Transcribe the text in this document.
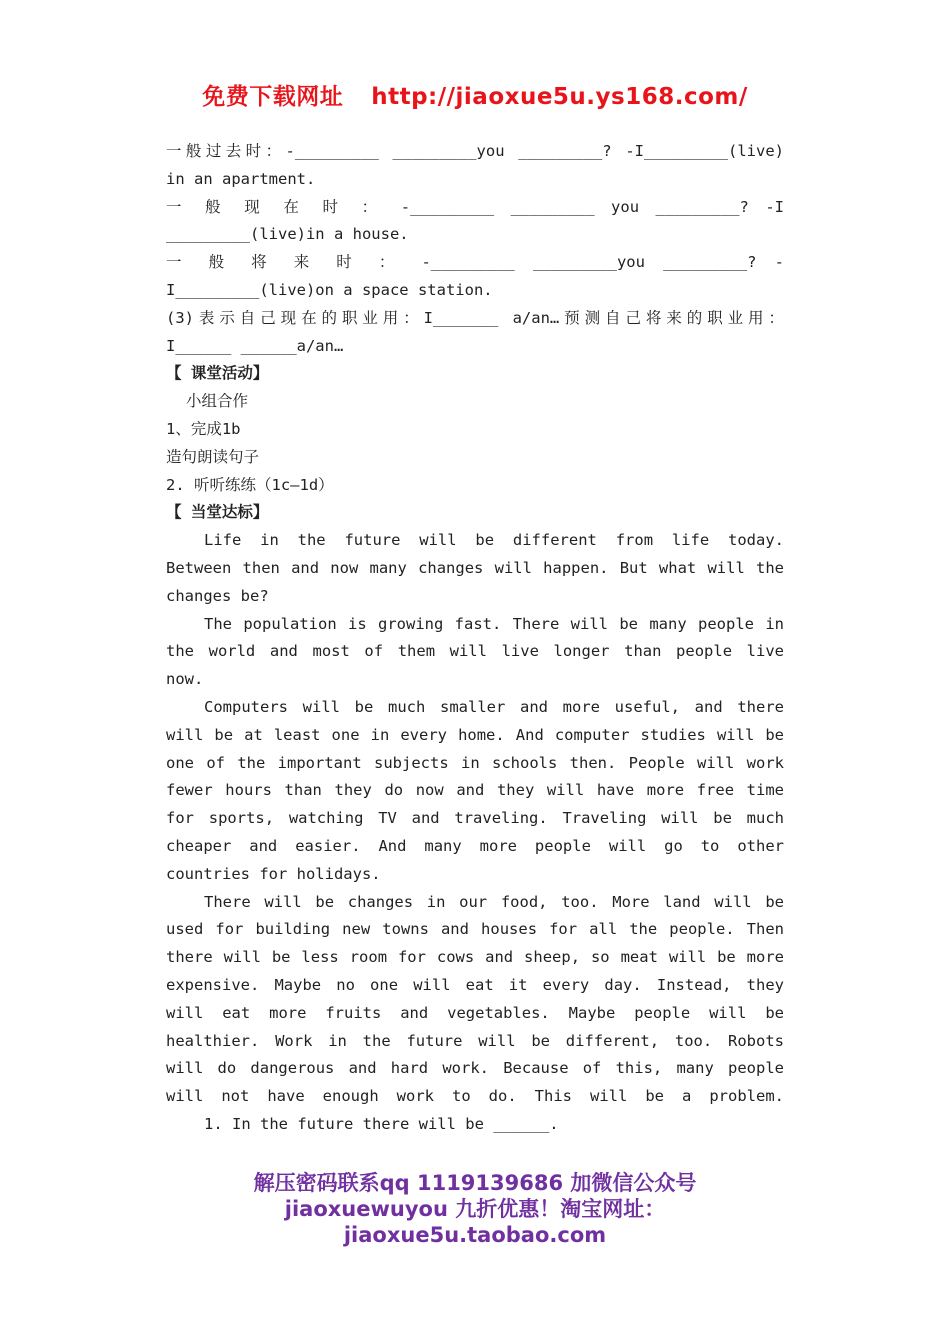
免费下载网址 http://jiaoxue5u.ys168.com/
一般过去时：-_________ _________you _________? -I_________(live)
in an apartment.
一 般 现 在 时 ： -_________ _________ you _________? -I
_________(live)in a house.
一 般 将 来 时 ： -_________ _________you _________? -
I_________(live)on a space station.
(3)表示自己现在的职业用：I_______ a/an…预测自己将来的职业用：
I______ ______a/an…
【 课堂活动】
小组合作
1、完成1b
造句朗读句子
2. 听听练练（1c—1d）
【 当堂达标】
Life in the future will be different from life today.
Between then and now many changes will happen. But what will the
changes be?
The population is growing fast. There will be many people in
the world and most of them will live longer than people live
now.
Computers will be much smaller and more useful, and there
will be at least one in every home. And computer studies will be
one of the important subjects in schools then. People will work
fewer hours than they do now and they will have more free time
for sports, watching TV and traveling. Traveling will be much
cheaper and easier. And many more people will go to other
countries for holidays.
There will be changes in our food, too. More land will be
used for building new towns and houses for all the people. Then
there will be less room for cows and sheep, so meat will be more
expensive. Maybe no one will eat it every day. Instead, they
will eat more fruits and vegetables. Maybe people will be
healthier. Work in the future will be different, too. Robots
will do dangerous and hard work. Because of this, many people
will not have enough work to do. This will be a problem.
1. In the future there will be ______.
解压密码联系qq 1119139686 加微信公众号
jiaoxuewuyou 九折优惠！淘宝网址：
jiaoxue5u.taobao.com
